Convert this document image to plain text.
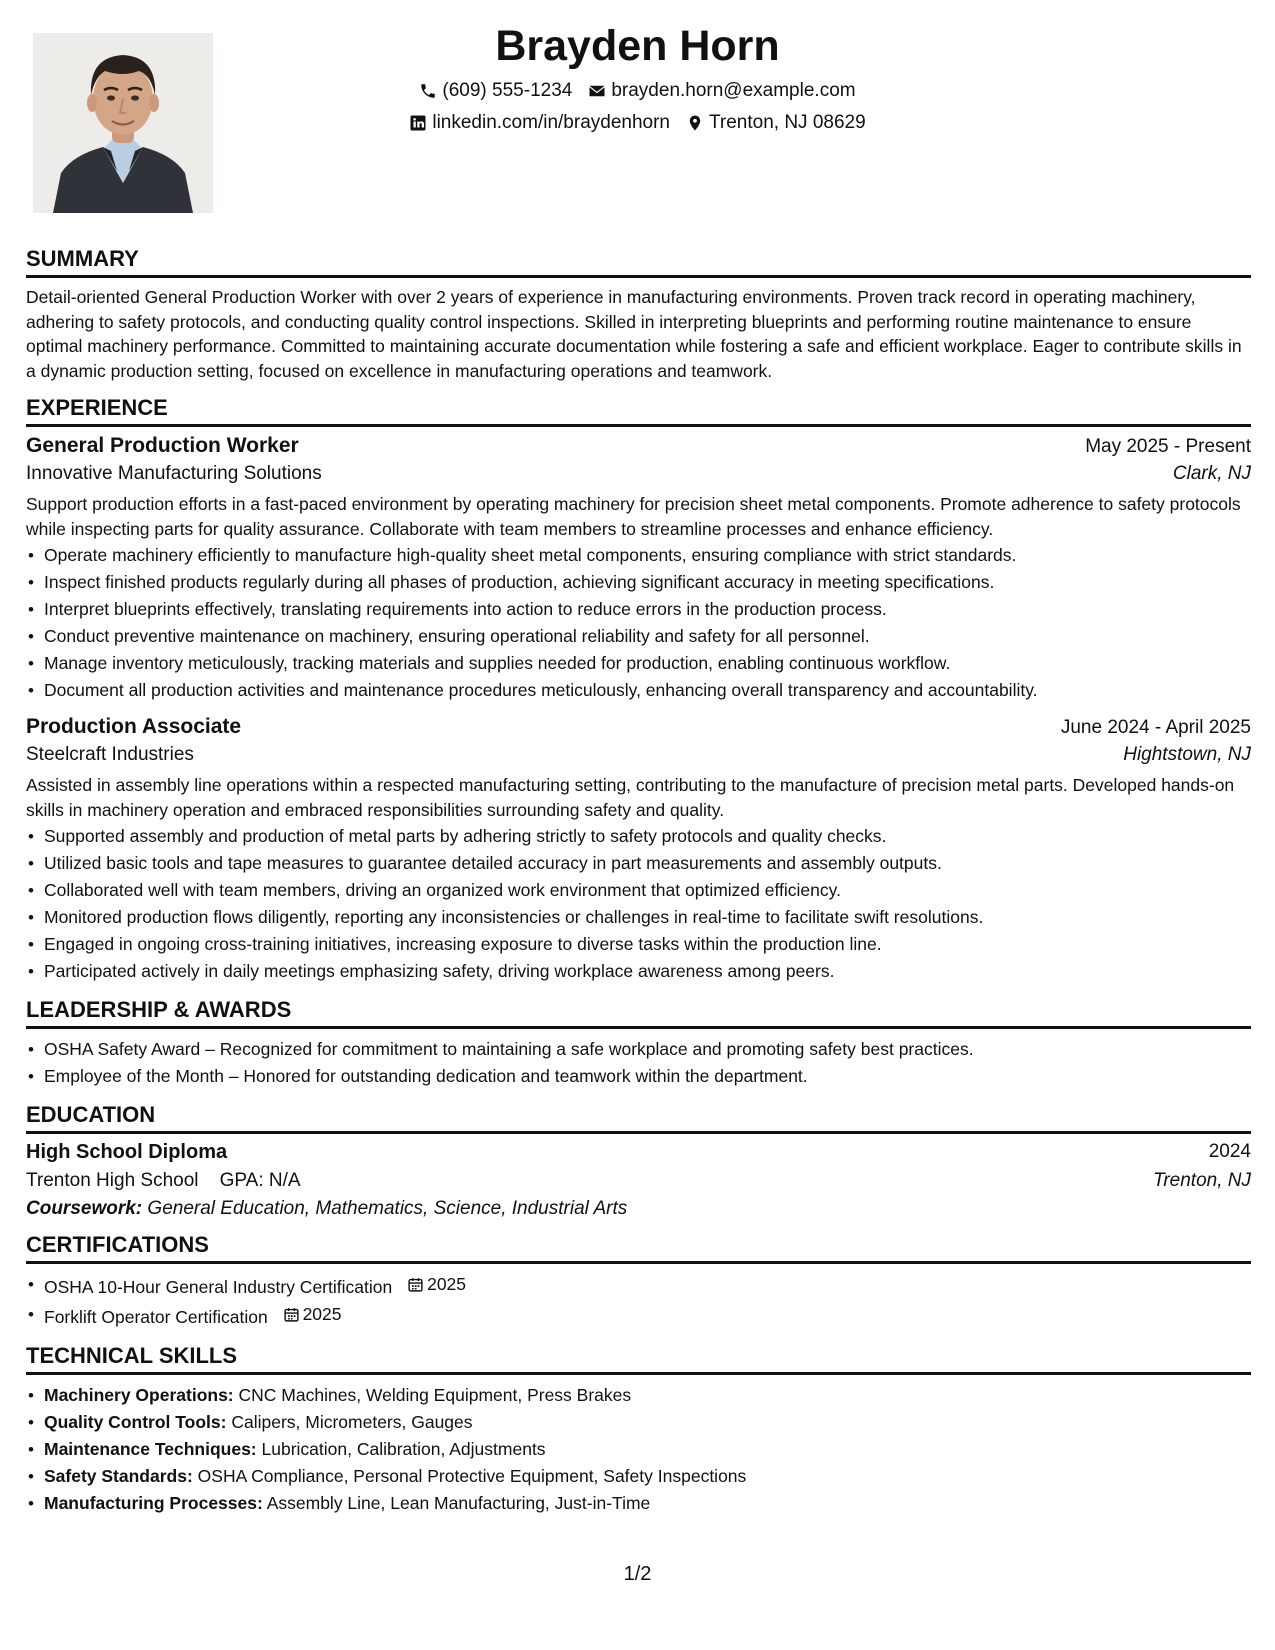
Brayden Horn
(609) 555-1234 brayden.horn@example.com
linkedin.com/in/braydenhorn Trenton, NJ 08629
SUMMARY
Detail-oriented General Production Worker with over 2 years of experience in manufacturing environments. Proven track record in operating machinery, adhering to safety protocols, and conducting quality control inspections. Skilled in interpreting blueprints and performing routine maintenance to ensure optimal machinery performance. Committed to maintaining accurate documentation while fostering a safe and efficient workplace. Eager to contribute skills in a dynamic production setting, focused on excellence in manufacturing operations and teamwork.
EXPERIENCE
General Production Worker	May 2025 - Present
Innovative Manufacturing Solutions	Clark, NJ
Support production efforts in a fast-paced environment by operating machinery for precision sheet metal components. Promote adherence to safety protocols while inspecting parts for quality assurance. Collaborate with team members to streamline processes and enhance efficiency.
• Operate machinery efficiently to manufacture high-quality sheet metal components, ensuring compliance with strict standards.
• Inspect finished products regularly during all phases of production, achieving significant accuracy in meeting specifications.
• Interpret blueprints effectively, translating requirements into action to reduce errors in the production process.
• Conduct preventive maintenance on machinery, ensuring operational reliability and safety for all personnel.
• Manage inventory meticulously, tracking materials and supplies needed for production, enabling continuous workflow.
• Document all production activities and maintenance procedures meticulously, enhancing overall transparency and accountability.
Production Associate	June 2024 - April 2025
Steelcraft Industries	Hightstown, NJ
Assisted in assembly line operations within a respected manufacturing setting, contributing to the manufacture of precision metal parts. Developed hands-on skills in machinery operation and embraced responsibilities surrounding safety and quality.
• Supported assembly and production of metal parts by adhering strictly to safety protocols and quality checks.
• Utilized basic tools and tape measures to guarantee detailed accuracy in part measurements and assembly outputs.
• Collaborated well with team members, driving an organized work environment that optimized efficiency.
• Monitored production flows diligently, reporting any inconsistencies or challenges in real-time to facilitate swift resolutions.
• Engaged in ongoing cross-training initiatives, increasing exposure to diverse tasks within the production line.
• Participated actively in daily meetings emphasizing safety, driving workplace awareness among peers.
LEADERSHIP & AWARDS
• OSHA Safety Award – Recognized for commitment to maintaining a safe workplace and promoting safety best practices.
• Employee of the Month – Honored for outstanding dedication and teamwork within the department.
EDUCATION
High School Diploma	2024
Trenton High School GPA: N/A	Trenton, NJ
Coursework: General Education, Mathematics, Science, Industrial Arts
CERTIFICATIONS
• OSHA 10-Hour General Industry Certification 2025
• Forklift Operator Certification 2025
TECHNICAL SKILLS
• Machinery Operations: CNC Machines, Welding Equipment, Press Brakes
• Quality Control Tools: Calipers, Micrometers, Gauges
• Maintenance Techniques: Lubrication, Calibration, Adjustments
• Safety Standards: OSHA Compliance, Personal Protective Equipment, Safety Inspections
• Manufacturing Processes: Assembly Line, Lean Manufacturing, Just-in-Time
1/2
